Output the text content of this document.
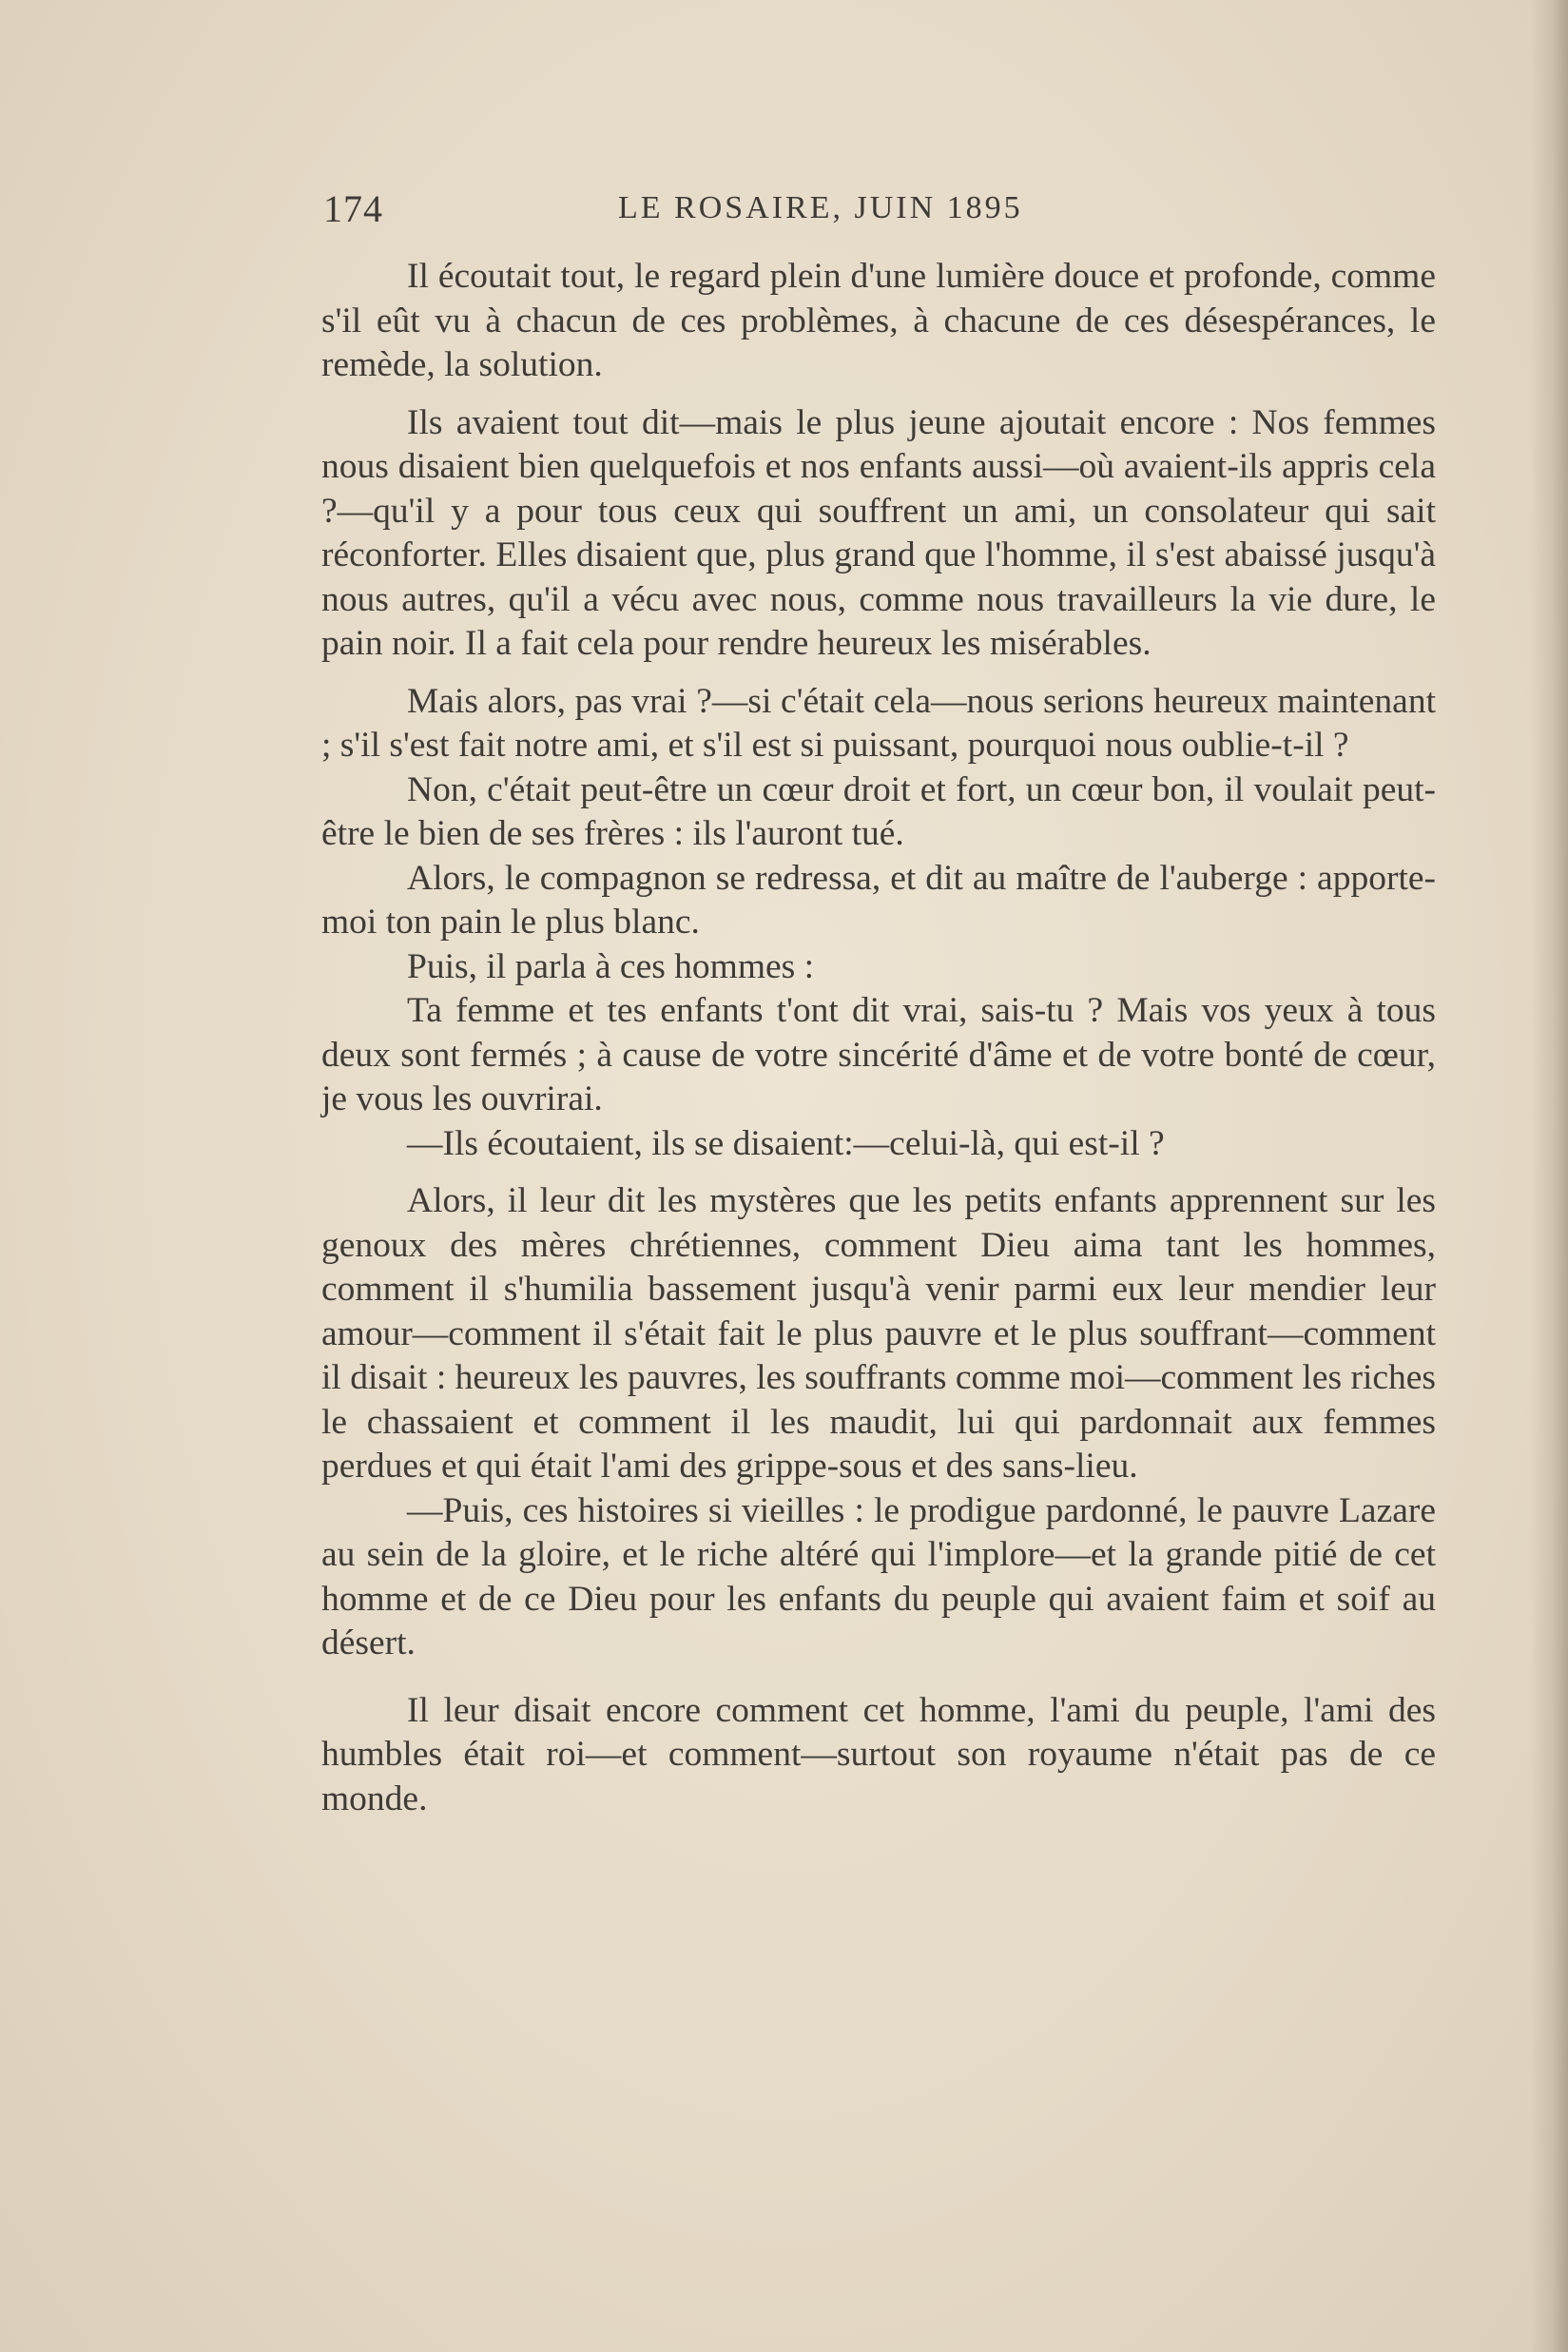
174	LE ROSAIRE, JUIN 1895

Il écoutait tout, le regard plein d'une lumière douce et profonde, comme s'il eût vu à chacun de ces problèmes, à chacune de ces désespérances, le remède, la solution.

Ils avaient tout dit—mais le plus jeune ajoutait encore : Nos femmes nous disaient bien quelquefois et nos enfants aussi—où avaient-ils appris cela ?—qu'il y a pour tous ceux qui souffrent un ami, un consolateur qui sait réconforter. Elles disaient que, plus grand que l'homme, il s'est abaissé jusqu'à nous autres, qu'il a vécu avec nous, comme nous travailleurs la vie dure, le pain noir. Il a fait cela pour rendre heureux les misérables.

Mais alors, pas vrai ?—si c'était cela—nous serions heureux maintenant ; s'il s'est fait notre ami, et s'il est si puissant, pourquoi nous oublie-t-il ?

Non, c'était peut-être un cœur droit et fort, un cœur bon, il voulait peut-être le bien de ses frères : ils l'auront tué.

Alors, le compagnon se redressa, et dit au maître de l'auberge : apporte-moi ton pain le plus blanc.

Puis, il parla à ces hommes :

Ta femme et tes enfants t'ont dit vrai, sais-tu ? Mais vos yeux à tous deux sont fermés ; à cause de votre sincérité d'âme et de votre bonté de cœur, je vous les ouvrirai.

—Ils écoutaient, ils se disaient:—celui-là, qui est-il ?

Alors, il leur dit les mystères que les petits enfants apprennent sur les genoux des mères chrétiennes, comment Dieu aima tant les hommes, comment il s'humilia bassement jusqu'à venir parmi eux leur mendier leur amour—comment il s'était fait le plus pauvre et le plus souffrant—comment il disait : heureux les pauvres, les souffrants comme moi—comment les riches le chassaient et comment il les maudit, lui qui pardonnait aux femmes perdues et qui était l'ami des grippe-sous et des sans-lieu.

—Puis, ces histoires si vieilles : le prodigue pardonné, le pauvre Lazare au sein de la gloire, et le riche altéré qui l'implore—et la grande pitié de cet homme et de ce Dieu pour les enfants du peuple qui avaient faim et soif au désert.

Il leur disait encore comment cet homme, l'ami du peuple, l'ami des humbles était roi—et comment—surtout son royaume n'était pas de ce monde.
